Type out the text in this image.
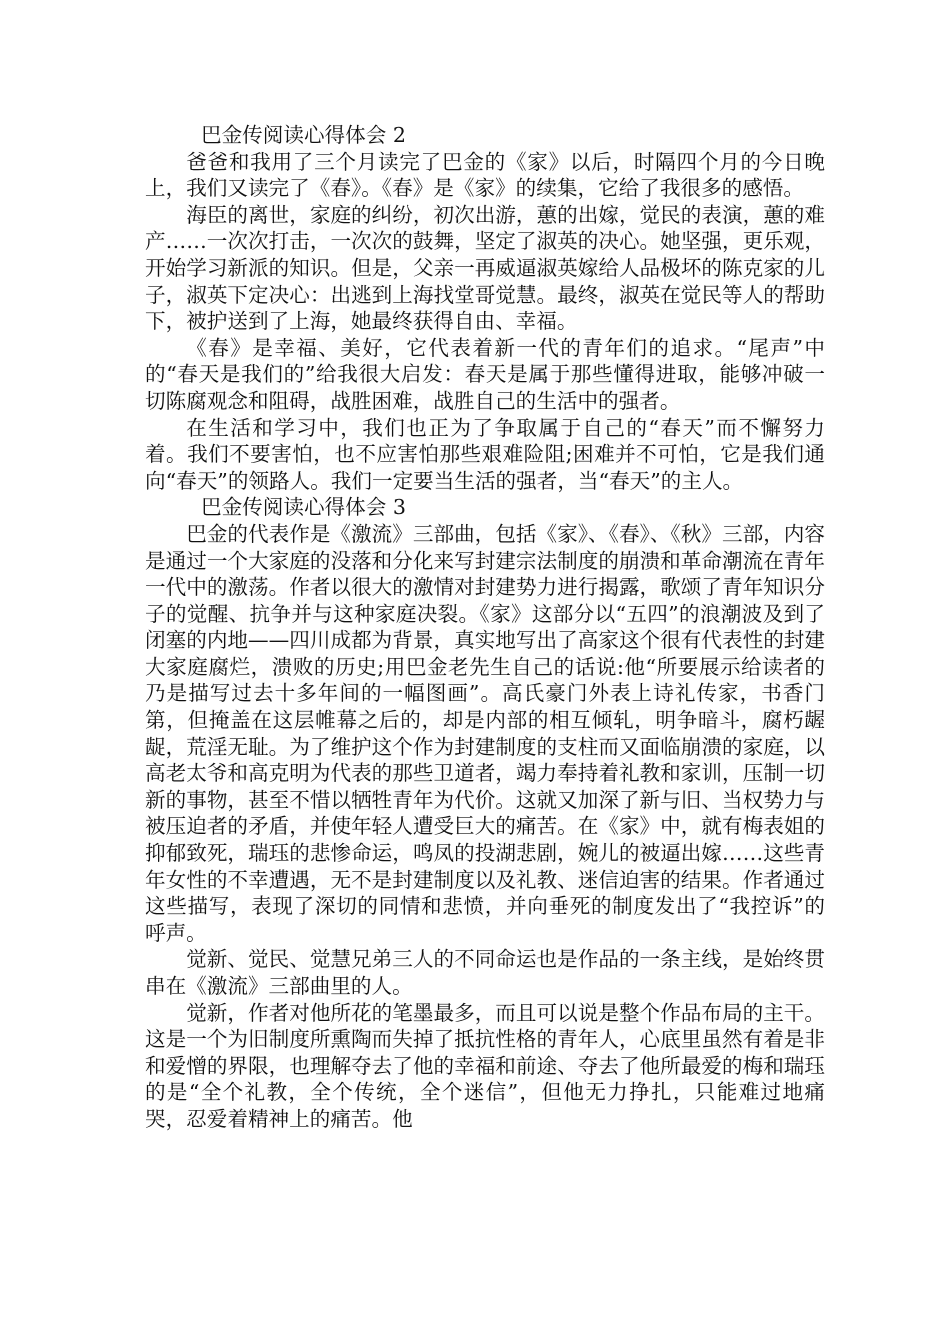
巴金传阅读心得体会 2

爸爸和我用了三个月读完了巴金的《家》以后，时隔四个月的今日晚上，我们又读完了《春》。《春》是《家》的续集，它给了我很多的感悟。

海臣的离世，家庭的纠纷，初次出游，蕙的出嫁，觉民的表演，蕙的难产……一次次打击，一次次的鼓舞，坚定了淑英的决心。她坚强，更乐观，开始学习新派的知识。但是，父亲一再威逼淑英嫁给人品极坏的陈克家的儿子，淑英下定决心：出逃到上海找堂哥觉慧。最终，淑英在觉民等人的帮助下，被护送到了上海，她最终获得自由、幸福。

《春》是幸福、美好，它代表着新一代的青年们的追求。“尾声”中的“春天是我们的”给我很大启发：春天是属于那些懂得进取，能够冲破一切陈腐观念和阻碍，战胜困难，战胜自己的生活中的强者。

在生活和学习中，我们也正为了争取属于自己的“春天”而不懈努力着。我们不要害怕，也不应害怕那些艰难险阻;困难并不可怕，它是我们通向“春天”的领路人。我们一定要当生活的强者，当“春天”的主人。

巴金传阅读心得体会 3

巴金的代表作是《激流》三部曲，包括《家》、《春》、《秋》三部，内容是通过一个大家庭的没落和分化来写封建宗法制度的崩溃和革命潮流在青年一代中的激荡。作者以很大的激情对封建势力进行揭露，歌颂了青年知识分子的觉醒、抗争并与这种家庭决裂。《家》这部分以“五四”的浪潮波及到了闭塞的内地——四川成都为背景，真实地写出了高家这个很有代表性的封建大家庭腐烂，溃败的历史;用巴金老先生自己的话说:他“所要展示给读者的乃是描写过去十多年间的一幅图画”。高氏豪门外表上诗礼传家，书香门第，但掩盖在这层帷幕之后的，却是内部的相互倾轧，明争暗斗，腐朽龌龊，荒淫无耻。为了维护这个作为封建制度的支柱而又面临崩溃的家庭，以高老太爷和高克明为代表的那些卫道者，竭力奉持着礼教和家训，压制一切新的事物，甚至不惜以牺牲青年为代价。这就又加深了新与旧、当权势力与被压迫者的矛盾，并使年轻人遭受巨大的痛苦。在《家》中，就有梅表姐的抑郁致死，瑞珏的悲惨命运，鸣凤的投湖悲剧，婉儿的被逼出嫁……这些青年女性的不幸遭遇，无不是封建制度以及礼教、迷信迫害的结果。作者通过这些描写，表现了深切的同情和悲愤，并向垂死的制度发出了“我控诉”的呼声。

觉新、觉民、觉慧兄弟三人的不同命运也是作品的一条主线，是始终贯串在《激流》三部曲里的人。

觉新，作者对他所花的笔墨最多，而且可以说是整个作品布局的主干。这是一个为旧制度所熏陶而失掉了抵抗性格的青年人，心底里虽然有着是非和爱憎的界限，也理解夺去了他的幸福和前途、夺去了他所最爱的梅和瑞珏的是“全个礼教，全个传统，全个迷信”，但他无力挣扎，只能难过地痛哭，忍爱着精神上的痛苦。他
